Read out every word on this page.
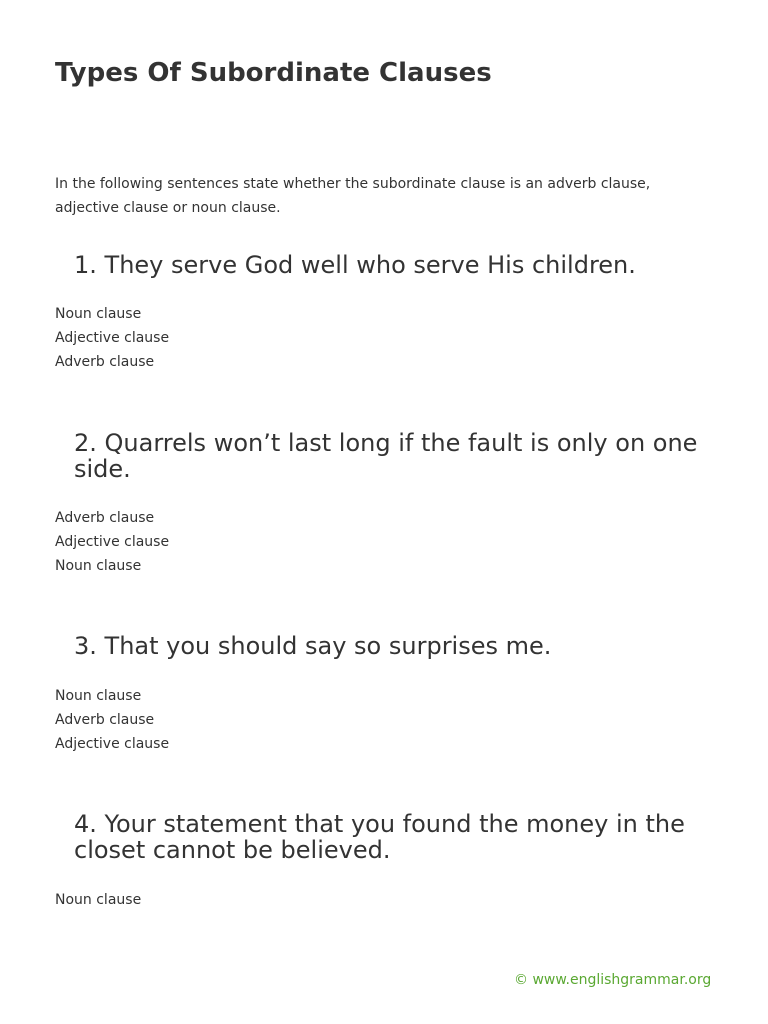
Types Of Subordinate Clauses

In the following sentences state whether the subordinate clause is an adverb clause, adjective clause or noun clause.

1. They serve God well who serve His children.
Noun clause
Adjective clause
Adverb clause
2. Quarrels won’t last long if the fault is only on one side.
Adverb clause
Adjective clause
Noun clause
3. That you should say so surprises me.
Noun clause
Adverb clause
Adjective clause
4. Your statement that you found the money in the closet cannot be believed.
Noun clause
© www.englishgrammar.org
